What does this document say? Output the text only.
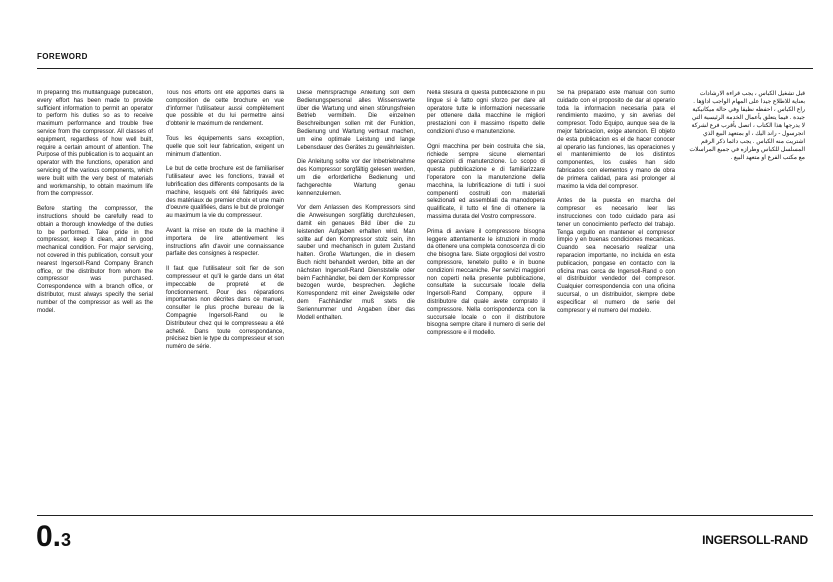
FOREWORD

In preparing this multilanguage publication, every effort has been made to provide sufficient information to permit an operator to perform his duties so as to receive maximum performance and trouble free service from the compressor. All classes of equipment, regardless of how well built, require a certain amount of attention. The Purpose of this publication is to acquaint an operator with the functions, operation and servicing of the various components, which were built with the very best of materials and workmanship, to obtain maximum life from the compressor.

Before starting the compressor, the instructions should be carefully read to obtain a thorough knowledge of the duties to be performed. Take pride in the compressor, keep it clean, and in good mechanical condition. For major servicing, not covered in this publication, consult your nearest Ingersoll-Rand Company Branch office, or the distributor from whom the compressor was purchased. Correspondence with a branch office, or distributor, must always specify the serial number of the compressor as well as the model.

Tous nos efforts ont été apportés dans la composition de cette brochure en vue d'informer l'utilisateur aussi complètement que possible et du lui permettre ainsi d'obtenir le maximum de rendement.

Tous les équipements sans exception, quelle que soit leur fabrication, exigent un minimum d'attention.

Le but de cette brochure est de familiariser l'utilisateur avec les fonctions, travail et lubrification des différents composants de la machine, lesquels ont été fabriqués avec des matériaux de premier choix et une main d'oeuvre qualifiées, dans le but de prolonger au maximum la vie du compresseur.

Avant la mise en route de la machine il importera de lire attentivement les instructions afin d'avoir une connaissance parfaite des consignes à respecter.

Il faut que l'utilisateur soit fier de son compresseur et qu'il le garde dans un état impeccable de propreté et de fonctionnement. Pour des réparations importantes non décrites dans ce manuel, consulter le plus proche bureau de la Compagnie Ingersoll-Rand ou le Distributeur chez qui le compresseau a été acheté. Dans toute correspondance, précisez bien le type du compresseur et son numéro de série.

Diese mehrsprachige Anleitung soll dem Bedienungspersonal alles Wissenswerte über die Wartung und einen störungsfreien Betrieb vermitteln. Die einzelnen Beschreibungen sollen mit der Funktion, Bedienung und Wartung vertraut machen, um eine optimale Leistung und lange Lebensdauer des Gerätes zu gewährleisten.

Die Anleitung sollte vor der Inbetriebnahme des Kompressor sorgfältig gelesen werden, um die erforderliche Bedienung und fachgerechte Wartung genau kennenzulernen.

Vor dem Anlassen des Kompressors sind die Anweisungen sorgfältig durchzulesen, damit ein genaues Bild über die zu leistenden Aufgaben erhalten wird. Man sollte auf den Kompressor stolz sein, ihn sauber und mechanisch in gutem Zustand halten. Große Wartungen, die in diesem Buch nicht behandelt werden, bitte an der nächsten Ingersoll-Rand Dienststelle oder beim Fachhändler, bei dem der Kompressor bezogen wurde, besprechen. Jegliche Korrespondenz mit einer Zweigstelle oder dem Fachhändler muß stets die Seriennummer und Angaben über das Modell enthalten.

Nella stesura di questa pubblicazione in più lingue si è fatto ogni sforzo per dare all operatore tutte le informazioni necessarie per ottenere dalla macchine le migliori prestazioni con il massimo rispetto delle condizioni d'uso e manutenzione.

Ogni macchina per bein costruita che sia, richiede sempre sicune elementari operazioni di manutenzione. Lo scopo di questa pubblicazione e di familiarizzare l'operatore con la manutenzione della macchina, la lubrificazione di tutti i suoi compenenti costruiti con materiali selezionati ed assemblati da manodopera qualificate, il tutto el fine di ottenere la massima durata del Vostro compressore.

Prima di avviare il compressore bisogna leggere attentamente le istruzioni in modo da ottenere una completa conoscenza di cio che bisogna fare. Siate orgogliosi del vostro compressore, tenetelo pulito e in buone condizioni meccaniche. Per servizi maggiori non coperti nella presente pubblicazione, consultate la succursale locale della Ingersoll-Rand Company, oppure il distributore dal quale avete comprato il compressore. Nella corrispondenza con la succursale locale o con il distributore bisogna sempre citare il numero di serie del compressore e il modello.

Se ha preparado este manual con sumo cuidado con el proposito de dar al operario toda la informacion necesaria para el rendimiento maximo, y sin averias del compresor. Todo Equipo, aunque sea de la mejor fabricacion, exige atencion. El objeto de esta publicacion es el de hacer conocer al operario las funciones, las operaciones y el mantenimiento de los distintos componentes, los cuales han sido fabricados con elementos y mano de obra de primera calidad, para asi prolonger al maximo la vida del compresor.

Antes de la puesta en marcha del compresor es necesario leer las instrucciones con todo cuidado para asi tener un conocimiento perfecto del trabajo. Tenga orgullo en mantener el compresor limpio y en buenas condiciones mecanicas. Cuando sea necesario realizar una reparacion importante, no incluida en esta publicacion, pongase en contacto con la oficina mas cerca de Ingersoll-Rand o con el distribuidor vendedor del compresor. Cualquier correspondencia con una oficina sucursal, o un distribuidor, siempre debe especificar el numero de serie del compresor y el numero del modelo.

قبل تشغيل الكباس ، يجب قراءة الارشادات بعناية للاطلاع جيدا على المهام الواجب اداؤها . راع الكباس ، احفظه نظيفا وفي حالة ميكانيكية جيدة . فيما يتعلق بأعمال الخدمة الرئيسية التي لا يدرجها هذا الكتاب ، اتصل بأقرب فرع لشركة انجرسول - راند اليك ، او بمتعهد البيع الذي اشتريت منه الكباس . يجب دائما ذكر الرقم المسلسل للكباس وطرازه في جميع المراسلات مع مكتب الفرع او متعهد البيع .

0.3	INGERSOLL-RAND
